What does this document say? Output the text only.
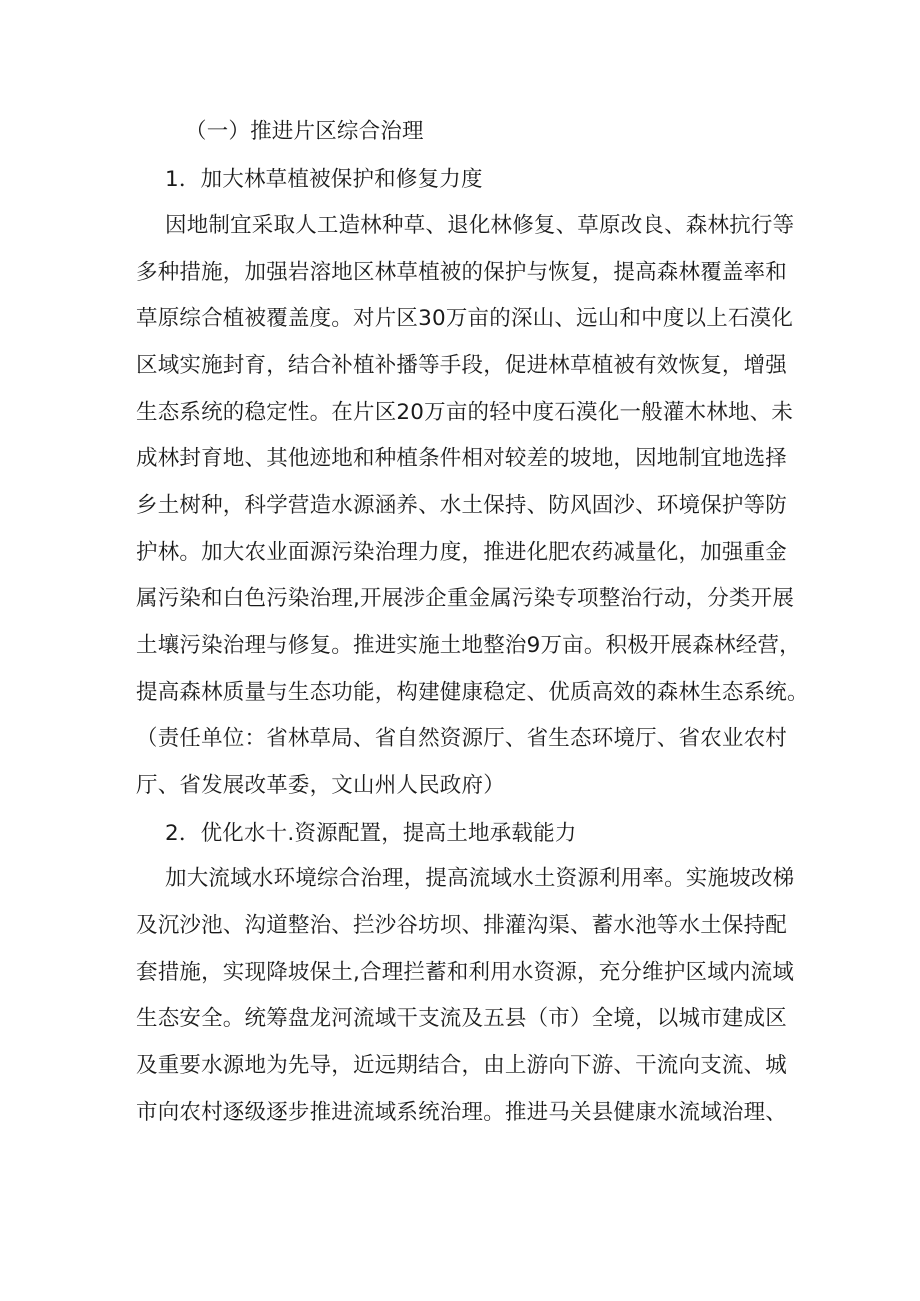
（一）推进片区综合治理

1．加大林草植被保护和修复力度

因地制宜采取人工造林种草、退化林修复、草原改良、森林抗行等

多种措施，加强岩溶地区林草植被的保护与恢复，提高森林覆盖率和

草原综合植被覆盖度。对片区30万亩的深山、远山和中度以上石漠化

区域实施封育，结合补植补播等手段，促进林草植被有效恢复，增强

生态系统的稳定性。在片区20万亩的轻中度石漠化一般灌木林地、未

成林封育地、其他迹地和种植条件相对较差的坡地，因地制宜地选择

乡土树种，科学营造水源涵养、水土保持、防风固沙、环境保护等防

护林。加大农业面源污染治理力度，推进化肥农药减量化，加强重金

属污染和白色污染治理,开展涉企重金属污染专项整治行动，分类开展

土壤污染治理与修复。推进实施土地整治9万亩。积极开展森林经营，

提高森林质量与生态功能，构建健康稳定、优质高效的森林生态系统。

（责任单位：省林草局、省自然资源厅、省生态环境厅、省农业农村

厅、省发展改革委，文山州人民政府）

2．优化水十.资源配置，提高土地承载能力

加大流域水环境综合治理，提高流域水土资源利用率。实施坡改梯

及沉沙池、沟道整治、拦沙谷坊坝、排灌沟渠、蓄水池等水土保持配

套措施，实现降坡保土,合理拦蓄和利用水资源，充分维护区域内流域

生态安全。统筹盘龙河流域干支流及五县（市）全境，以城市建成区

及重要水源地为先导，近远期结合，由上游向下游、干流向支流、城

市向农村逐级逐步推进流域系统治理。推进马关县健康水流域治理、
